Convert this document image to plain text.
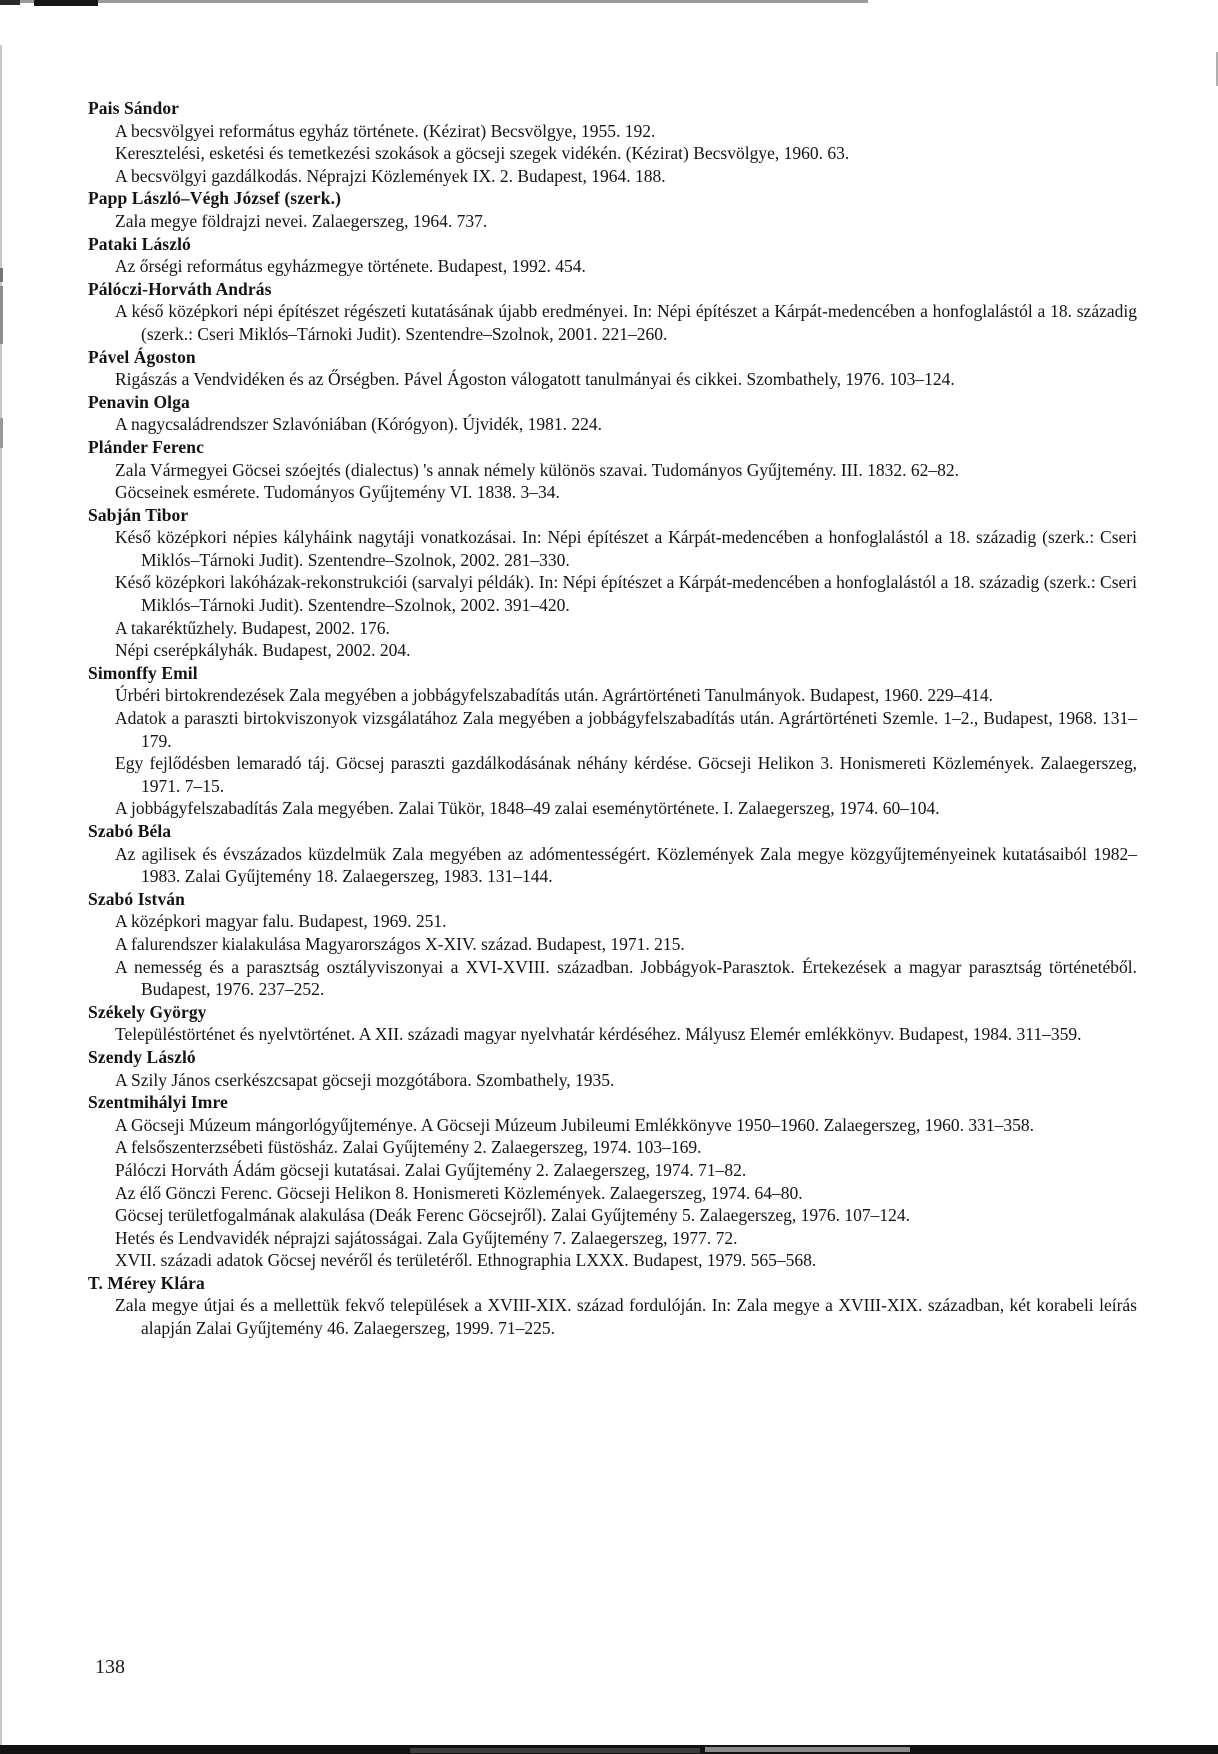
Pais Sándor

A becsvölgyei református egyház története. (Kézirat) Becsvölgye, 1955. 192.

Keresztelési, esketési és temetkezési szokások a göcseji szegek vidékén. (Kézirat) Becsvölgye, 1960. 63.

A becsvölgyi gazdálkodás. Néprajzi Közlemények IX. 2. Budapest, 1964. 188.

Papp László–Végh József (szerk.)

Zala megye földrajzi nevei. Zalaegerszeg, 1964. 737.

Pataki László

Az őrségi református egyházmegye története. Budapest, 1992. 454.

Pálóczi-Horváth András

A késő középkori népi építészet régészeti kutatásának újabb eredményei. In: Népi építészet a Kárpát-medencében a honfoglalástól a 18. századig (szerk.: Cseri Miklós–Tárnoki Judit). Szentendre–Szolnok, 2001. 221–260.

Pável Ágoston

Rigászás a Vendvidéken és az Őrségben. Pável Ágoston válogatott tanulmányai és cikkei. Szombathely, 1976. 103–124.

Penavin Olga

A nagycsaládrendszer Szlavóniában (Kórógyon). Újvidék, 1981. 224.

Plánder Ferenc

Zala Vármegyei Göcsei szóejtés (dialectus) 's annak némely különös szavai. Tudományos Gyűjtemény. III. 1832. 62–82.

Göcseinek esmérete. Tudományos Gyűjtemény VI. 1838. 3–34.

Sabján Tibor

Késő középkori népies kályháink nagytáji vonatkozásai. In: Népi építészet a Kárpát-medencében a honfoglalástól a 18. századig (szerk.: Cseri Miklós–Tárnoki Judit). Szentendre–Szolnok, 2002. 281–330.

Késő középkori lakóházak-rekonstrukciói (sarvalyi példák). In: Népi építészet a Kárpát-medencében a honfoglalástól a 18. századig (szerk.: Cseri Miklós–Tárnoki Judit). Szentendre–Szolnok, 2002. 391–420.

A takaréktűzhely. Budapest, 2002. 176.

Népi cserépkályhák. Budapest, 2002. 204.

Simonffy Emil

Úrbéri birtokrendezések Zala megyében a jobbágyfelszabadítás után. Agrártörténeti Tanulmányok. Budapest, 1960. 229–414.

Adatok a paraszti birtokviszonyok vizsgálatához Zala megyében a jobbágyfelszabadítás után. Agrártörténeti Szemle. 1–2., Budapest, 1968. 131–179.

Egy fejlődésben lemaradó táj. Göcsej paraszti gazdálkodásának néhány kérdése. Göcseji Helikon 3. Honismereti Közlemények. Zalaegerszeg, 1971. 7–15.

A jobbágyfelszabadítás Zala megyében. Zalai Tükör, 1848–49 zalai eseménytörténete. I. Zalaegerszeg, 1974. 60–104.

Szabó Béla

Az agilisek és évszázados küzdelmük Zala megyében az adómentességért. Közlemények Zala megye közgyűjteményeinek kutatásaiból 1982–1983. Zalai Gyűjtemény 18. Zalaegerszeg, 1983. 131–144.

Szabó István

A középkori magyar falu. Budapest, 1969. 251.

A falurendszer kialakulása Magyarországos X-XIV. század. Budapest, 1971. 215.

A nemesség és a parasztság osztályviszonyai a XVI-XVIII. században. Jobbágyok-Parasztok. Értekezések a magyar parasztság történetéből. Budapest, 1976. 237–252.

Székely György

Településtörténet és nyelvtörténet. A XII. századi magyar nyelvhatár kérdéséhez. Mályusz Elemér emlékkönyv. Budapest, 1984. 311–359.

Szendy László

A Szily János cserkészcsapat göcseji mozgótábora. Szombathely, 1935.

Szentmihályi Imre

A Göcseji Múzeum mángorlógyűjteménye. A Göcseji Múzeum Jubileumi Emlékkönyve 1950–1960. Zalaegerszeg, 1960. 331–358.

A felsőszenterzsébeti füstösház. Zalai Gyűjtemény 2. Zalaegerszeg, 1974. 103–169.

Pálóczi Horváth Ádám göcseji kutatásai. Zalai Gyűjtemény 2. Zalaegerszeg, 1974. 71–82.

Az élő Gönczi Ferenc. Göcseji Helikon 8. Honismereti Közlemények. Zalaegerszeg, 1974. 64–80.

Göcsej területfogalmának alakulása (Deák Ferenc Göcsejről). Zalai Gyűjtemény 5. Zalaegerszeg, 1976. 107–124.

Hetés és Lendvavidék néprajzi sajátosságai. Zala Gyűjtemény 7. Zalaegerszeg, 1977. 72.

XVII. századi adatok Göcsej nevéről és területéről. Ethnographia LXXX. Budapest, 1979. 565–568.

T. Mérey Klára

Zala megye útjai és a mellettük fekvő települések a XVIII-XIX. század fordulóján. In: Zala megye a XVIII-XIX. században, két korabeli leírás alapján Zalai Gyűjtemény 46. Zalaegerszeg, 1999. 71–225.

138
